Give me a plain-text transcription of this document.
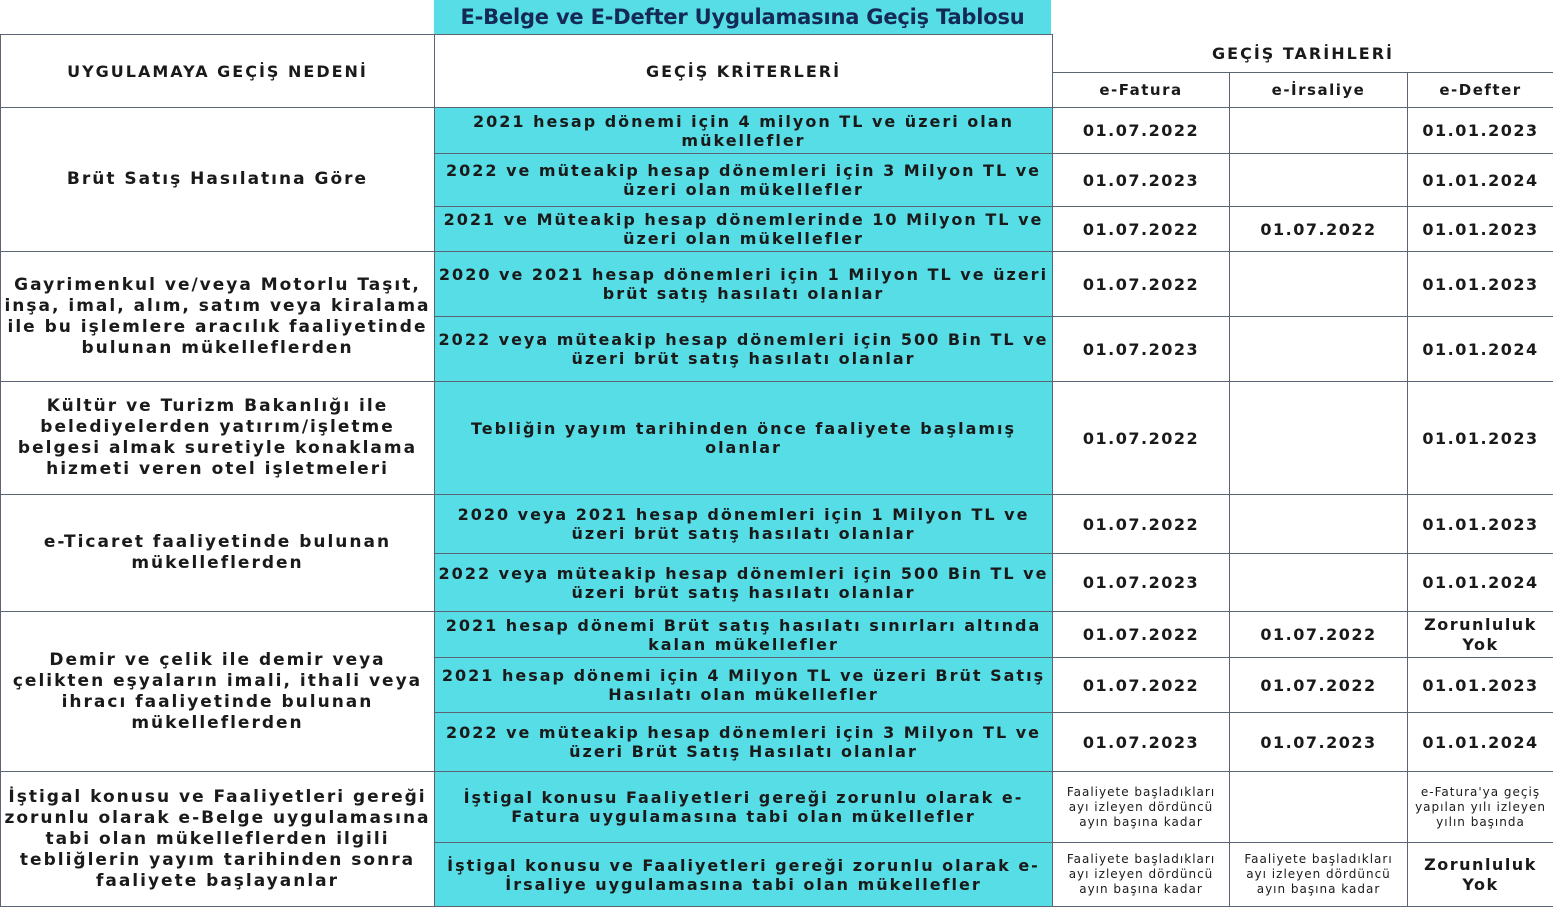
E-Belge ve E-Defter Uygulamasına Geçiş Tablosu
UYGULAMAYA GEÇİŞ NEDENİ	GEÇİŞ KRİTERLERİ	GEÇİŞ TARİHLERİ		
		e-Fatura	e-İrsaliye	e-Defter
Brüt Satış Hasılatına Göre	2021 hesap dönemi için 4 milyon TL ve üzeri olan mükellefler	01.07.2022		01.01.2023
	2022 ve müteakip hesap dönemleri için 3 Milyon TL ve üzeri olan mükellefler	01.07.2023		01.01.2024
	2021 ve Müteakip hesap dönemlerinde 10 Milyon TL ve üzeri olan mükellefler	01.07.2022	01.07.2022	01.01.2023
Gayrimenkul ve/veya Motorlu Taşıt, inşa, imal, alım, satım veya kiralama ile bu işlemlere aracılık faaliyetinde bulunan mükelleflerden	2020 ve 2021 hesap dönemleri için 1 Milyon TL ve üzeri brüt satış hasılatı olanlar	01.07.2022		01.01.2023
	2022 veya müteakip hesap dönemleri için 500 Bin TL ve üzeri brüt satış hasılatı olanlar	01.07.2023		01.01.2024
Kültür ve Turizm Bakanlığı ile belediyelerden yatırım/işletme belgesi almak suretiyle konaklama hizmeti veren otel işletmeleri	Tebliğin yayım tarihinden önce faaliyete başlamış olanlar	01.07.2022		01.01.2023
e-Ticaret faaliyetinde bulunan mükelleflerden	2020 veya 2021 hesap dönemleri için 1 Milyon TL ve üzeri brüt satış hasılatı olanlar	01.07.2022		01.01.2023
	2022 veya müteakip hesap dönemleri için 500 Bin TL ve üzeri brüt satış hasılatı olanlar	01.07.2023		01.01.2024
Demir ve çelik ile demir veya çelikten eşyaların imali, ithali veya ihracı faaliyetinde bulunan mükelleflerden	2021 hesap dönemi Brüt satış hasılatı sınırları altında kalan mükellefler	01.07.2022	01.07.2022	Zorunluluk Yok
	2021 hesap dönemi için 4 Milyon TL ve üzeri Brüt Satış Hasılatı olan mükellefler	01.07.2022	01.07.2022	01.01.2023
	2022 ve müteakip hesap dönemleri için 3 Milyon TL ve üzeri Brüt Satış Hasılatı olanlar	01.07.2023	01.07.2023	01.01.2024
İştigal konusu ve Faaliyetleri gereği zorunlu olarak e-Belge uygulamasına tabi olan mükelleflerden ilgili tebliğlerin yayım tarihinden sonra faaliyete başlayanlar	İştigal konusu Faaliyetleri gereği zorunlu olarak e-Fatura uygulamasına tabi olan mükellefler	Faaliyete başladıkları ayı izleyen dördüncü ayın başına kadar		e-Fatura'ya geçiş yapılan yılı izleyen yılın başında
	İştigal konusu ve Faaliyetleri gereği zorunlu olarak e-İrsaliye uygulamasına tabi olan mükellefler	Faaliyete başladıkları ayı izleyen dördüncü ayın başına kadar	Faaliyete başladıkları ayı izleyen dördüncü ayın başına kadar	Zorunluluk Yok
